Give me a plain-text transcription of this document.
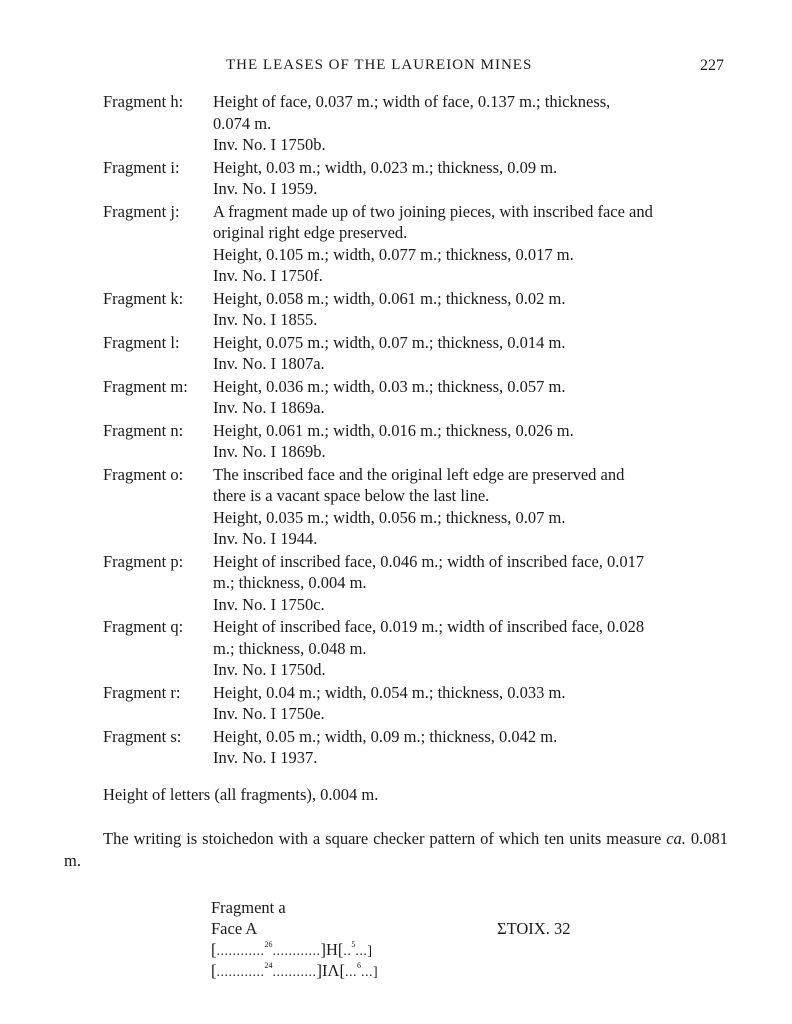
THE LEASES OF THE LAUREION MINES	227
Fragment h: Height of face, 0.037 m.; width of face, 0.137 m.; thickness,
0.074 m.
Inv. No. I 1750b.
Fragment i: Height, 0.03 m.; width, 0.023 m.; thickness, 0.09 m.
Inv. No. I 1959.
Fragment j: A fragment made up of two joining pieces, with inscribed face and
original right edge preserved.
Height, 0.105 m.; width, 0.077 m.; thickness, 0.017 m.
Inv. No. I 1750f.
Fragment k: Height, 0.058 m.; width, 0.061 m.; thickness, 0.02 m.
Inv. No. I 1855.
Fragment l: Height, 0.075 m.; width, 0.07 m.; thickness, 0.014 m.
Inv. No. I 1807a.
Fragment m: Height, 0.036 m.; width, 0.03 m.; thickness, 0.057 m.
Inv. No. I 1869a.
Fragment n: Height, 0.061 m.; width, 0.016 m.; thickness, 0.026 m.
Inv. No. I 1869b.
Fragment o: The inscribed face and the original left edge are preserved and
there is a vacant space below the last line.
Height, 0.035 m.; width, 0.056 m.; thickness, 0.07 m.
Inv. No. I 1944.
Fragment p: Height of inscribed face, 0.046 m.; width of inscribed face, 0.017
m.; thickness, 0.004 m.
Inv. No. I 1750c.
Fragment q: Height of inscribed face, 0.019 m.; width of inscribed face, 0.028
m.; thickness, 0.048 m.
Inv. No. I 1750d.
Fragment r: Height, 0.04 m.; width, 0.054 m.; thickness, 0.033 m.
Inv. No. I 1750e.
Fragment s: Height, 0.05 m.; width, 0.09 m.; thickness, 0.042 m.
Inv. No. I 1937.
Height of letters (all fragments), 0.004 m.
The writing is stoichedon with a square checker pattern of which ten units measure ca. 0.081 m.
Fragment a
Face A	ΣΤΟΙΧ. 32
[............$^{26}$............]H[..$^5$...]
[............$^{24}$...........]IΛ[...$^6$...]
